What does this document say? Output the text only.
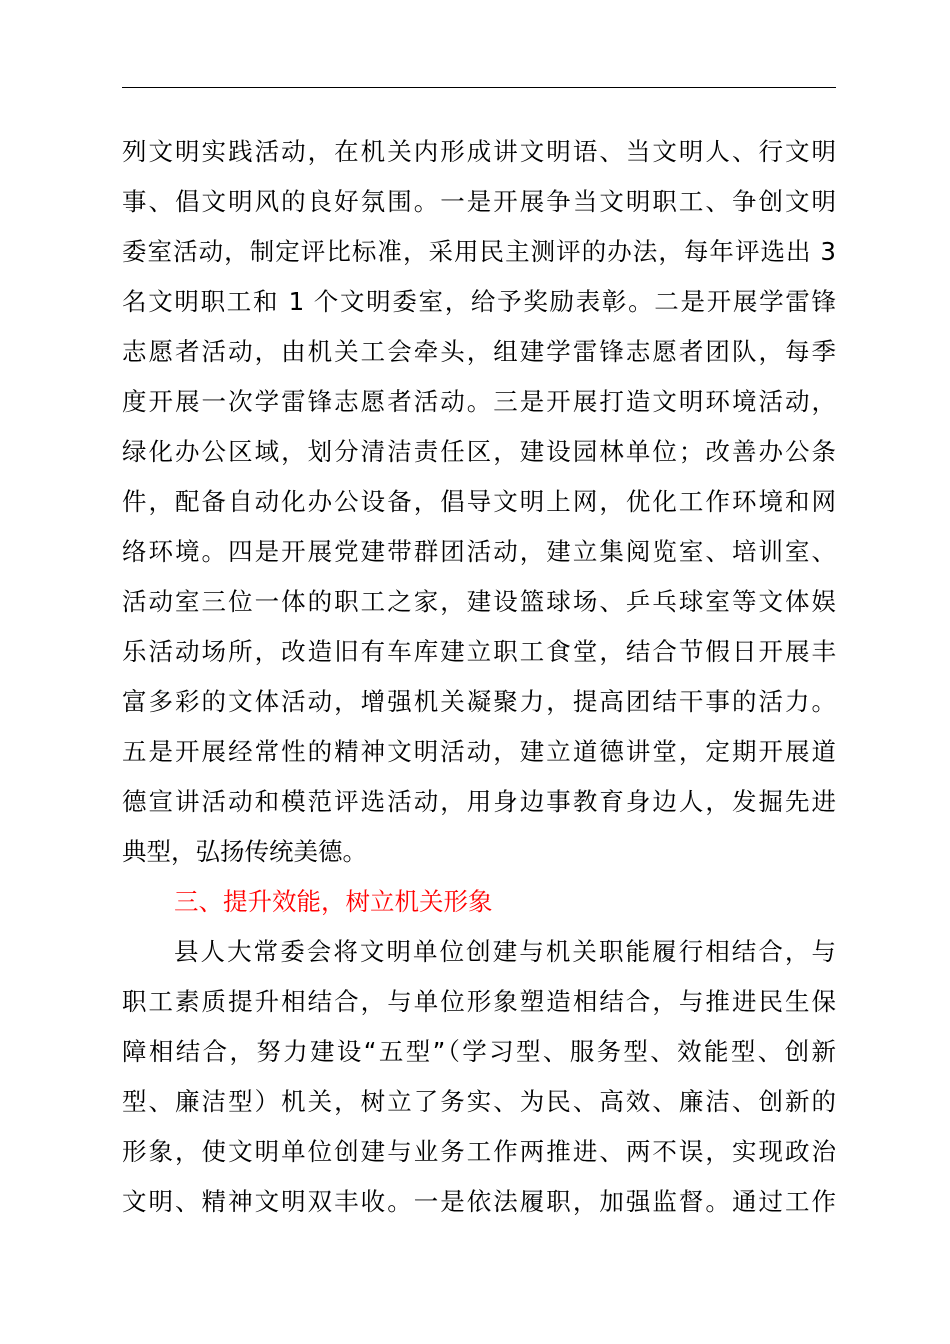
列文明实践活动，在机关内形成讲文明语、当文明人、行文明
事、倡文明风的良好氛围。一是开展争当文明职工、争创文明
委室活动，制定评比标准，采用民主测评的办法，每年评选出 3
名文明职工和 1 个文明委室，给予奖励表彰。二是开展学雷锋
志愿者活动，由机关工会牵头，组建学雷锋志愿者团队，每季
度开展一次学雷锋志愿者活动。三是开展打造文明环境活动，
绿化办公区域，划分清洁责任区，建设园林单位；改善办公条
件，配备自动化办公设备，倡导文明上网，优化工作环境和网
络环境。四是开展党建带群团活动，建立集阅览室、培训室、
活动室三位一体的职工之家，建设篮球场、乒乓球室等文体娱
乐活动场所，改造旧有车库建立职工食堂，结合节假日开展丰
富多彩的文体活动，增强机关凝聚力，提高团结干事的活力。
五是开展经常性的精神文明活动，建立道德讲堂，定期开展道
德宣讲活动和模范评选活动，用身边事教育身边人，发掘先进
典型，弘扬传统美德。
三、提升效能，树立机关形象
县人大常委会将文明单位创建与机关职能履行相结合，与
职工素质提升相结合，与单位形象塑造相结合，与推进民生保
障相结合，努力建设“五型”（学习型、服务型、效能型、创新
型、廉洁型）机关，树立了务实、为民、高效、廉洁、创新的
形象，使文明单位创建与业务工作两推进、两不误，实现政治
文明、精神文明双丰收。一是依法履职，加强监督。通过工作
